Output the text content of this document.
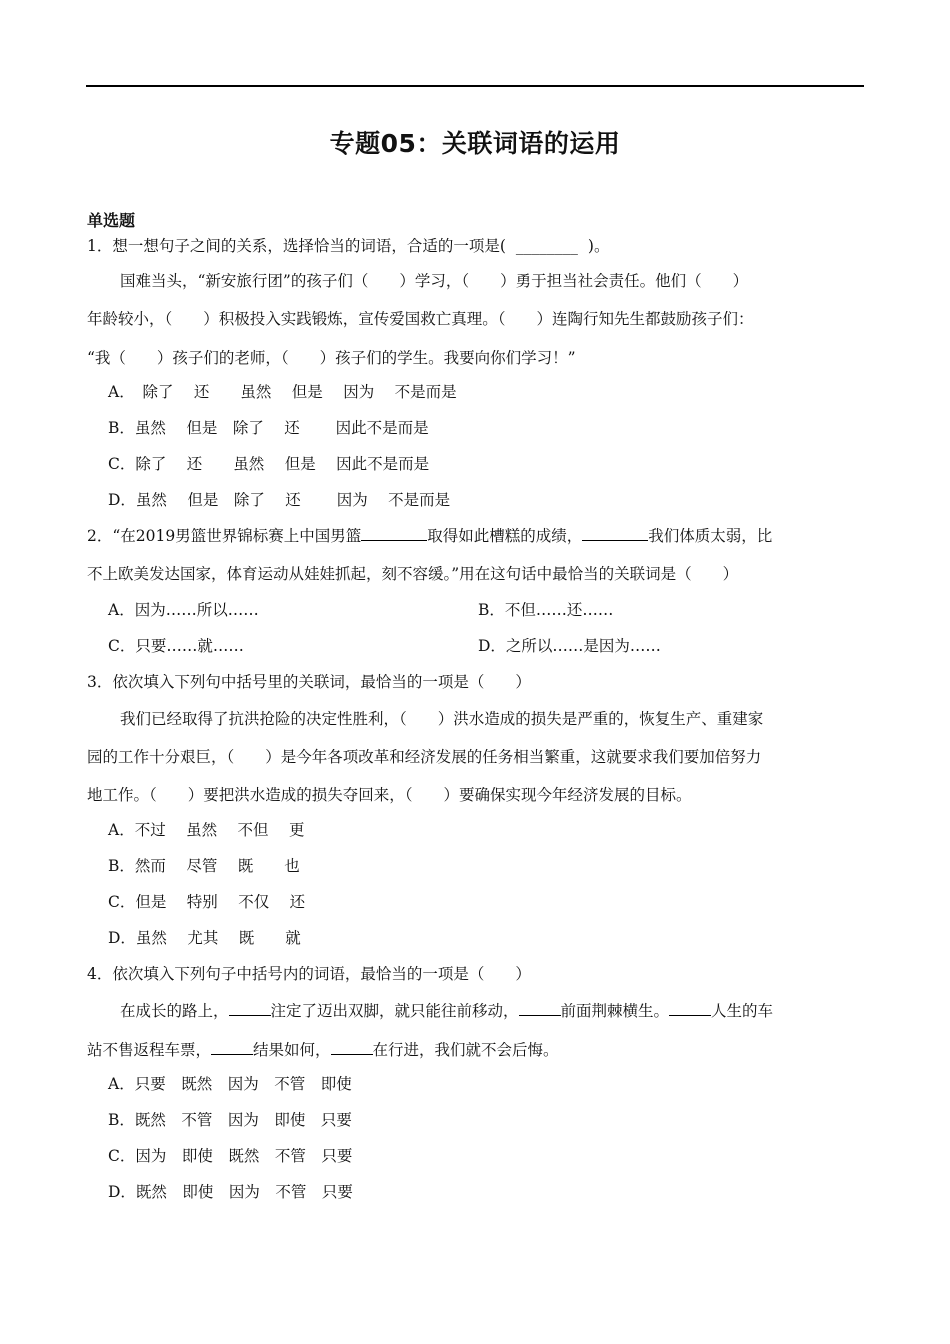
专题05：关联词语的运用
单选题
1．想一想句子之间的关系，选择恰当的词语，合适的一项是( ________ )。
国难当头，“新安旅行团”的孩子们（　　）学习，（　　）勇于担当社会责任。他们（　　）
年龄较小，（　　）积极投入实践锻炼，宣传爱国救亡真理。（　　）连陶行知先生都鼓励孩子们：
“我（　　）孩子们的老师，（　　）孩子们的学生。我要向你们学习！”
A．　除了　 还　　虽然　 但是　 因为　 不是而是
B．虽然　 但是　除了　 还　　 因此不是而是
C．除了　 还　　虽然　 但是　 因此不是而是
D．虽然　 但是　除了　 还　　 因为　 不是而是
2．“在2019男篮世界锦标赛上中国男篮	取得如此槽糕的成绩，	我们体质太弱，比
不上欧美发达国家，体育运动从娃娃抓起，刻不容缓。”用在这句话中最恰当的关联词是（　　）
A．因为……所以……	B．不但……还……
C．只要……就……	D．之所以……是因为……
3．依次填入下列句中括号里的关联词，最恰当的一项是（　　）
我们已经取得了抗洪抢险的决定性胜利，（　　）洪水造成的损失是严重的，恢复生产、重建家
园的工作十分艰巨，（　　）是今年各项改革和经济发展的任务相当繁重，这就要求我们要加倍努力
地工作。（　　）要把洪水造成的损失夺回来，（　　）要确保实现今年经济发展的目标。
A．不过　 虽然　 不但　 更
B．然而　 尽管　 既　　也
C．但是　 特别　 不仅　 还
D．虽然　 尤其　 既　　就
4．依次填入下列句子中括号内的词语，最恰当的一项是（　　）
在成长的路上，	注定了迈出双脚，就只能往前移动，	前面荆棘横生。	人生的车
站不售返程车票，	结果如何，	在行进，我们就不会后悔。
A．只要　既然　因为　不管　即使
B．既然　不管　因为　即使　只要
C．因为　即使　既然　不管　只要
D．既然　即使　因为　不管　只要
